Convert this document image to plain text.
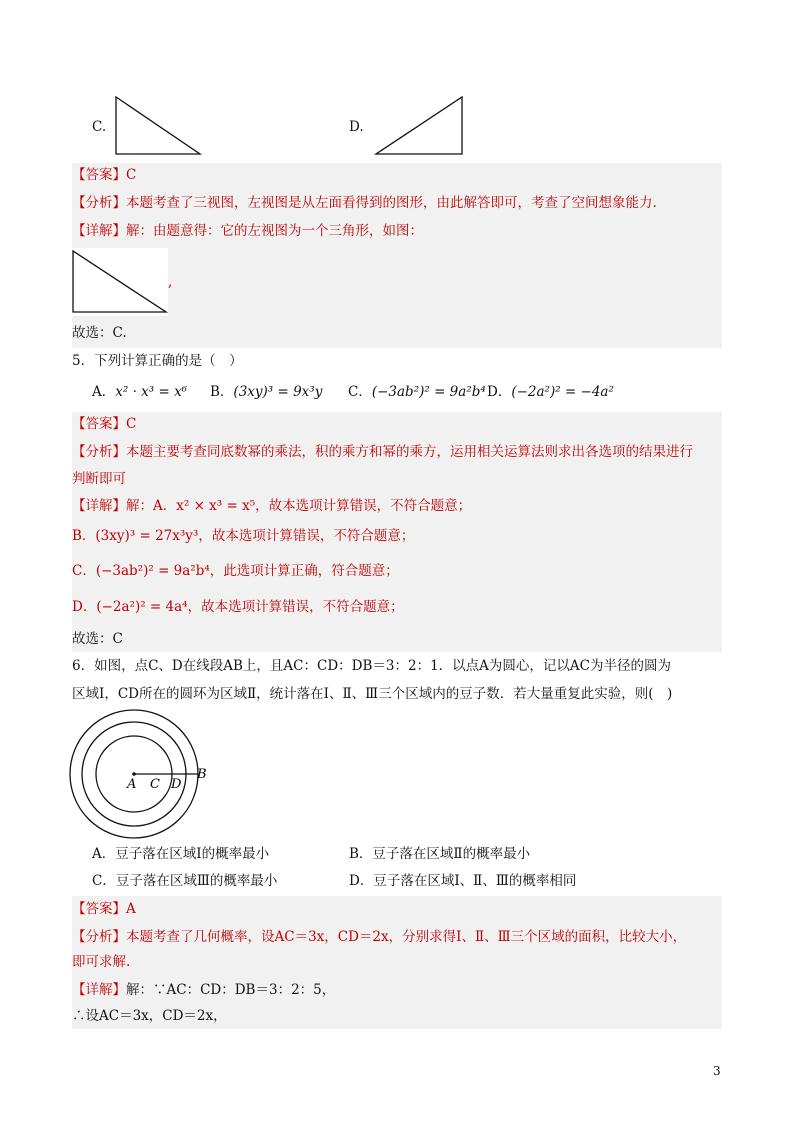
C.	D.
【答案】C
【分析】本题考查了三视图，左视图是从左面看得到的图形，由此解答即可，考查了空间想象能力.
【详解】解：由题意得：它的左视图为一个三角形，如图：
,
故选：C.
5．下列计算正确的是（　）
A．x² · x³ = x⁶ B．(3xy)³ = 9x³y C．(−3ab²)² = 9a²b⁴ D．(−2a²)² = −4a²
【答案】C
【分析】本题主要考查同底数幂的乘法，积的乘方和幂的乘方，运用相关运算法则求出各选项的结果进行
判断即可
【详解】解：A．x² × x³ = x⁵，故本选项计算错误，不符合题意；
B．(3xy)³ = 27x³y³，故本选项计算错误，不符合题意；
C．(−3ab²)² = 9a²b⁴，此选项计算正确，符合题意；
D．(−2a²)² = 4a⁴，故本选项计算错误，不符合题意；
故选：C
6．如图，点C、D在线段AB上，且AC：CD：DB＝3：2：1．以点A为圆心，记以AC为半径的圆为
区域Ⅰ，CD所在的圆环为区域Ⅱ，统计落在Ⅰ、Ⅱ、Ⅲ三个区域内的豆子数．若大量重复此实验，则(　)
A C D
B
A．豆子落在区域Ⅰ的概率最小	B．豆子落在区域Ⅱ的概率最小
C．豆子落在区域Ⅲ的概率最小	D．豆子落在区域Ⅰ、Ⅱ、Ⅲ的概率相同
【答案】A
【分析】本题考查了几何概率，设AC＝3x，CD＝2x，分别求得Ⅰ、Ⅱ、Ⅲ三个区域的面积，比较大小，
即可求解.
【详解】解：∵AC：CD：DB＝3：2：5，
∴设AC＝3x，CD＝2x，
3
